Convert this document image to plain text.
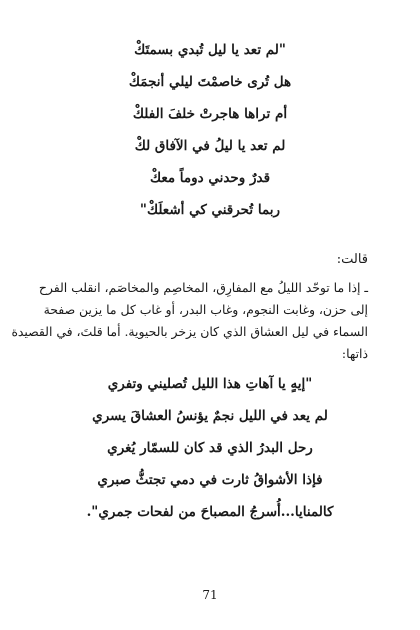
"لم تعد يا ليل تُبدي بسمتَكْ
هل تُرى خاصمْتَ ليلي أنجمَكْ
أم تراها هاجرتْ خلفَ الفلكْ
لم تعد يا ليلُ في الآفاق لكْ
قدرٌ وحدني دوماً معكْ
ربما تُحرقني كي أشعلَكْ"
قالت:
ـ إذا ما توحّد الليلُ مع المفارِق، المخاصِم والمخاصَم، انقلب الفرح
إلى حزن، وغابت النجوم، وغاب البدر، أو غاب كل ما يزين صفحة
السماء في ليل العشاق الذي كان يزخر بالحيوية. أما قلتَ، في القصيدة
ذاتها:
"إيهٍ يا آهاتِ هذا الليل تُصليني وتفري
لم يعد في الليل نجمٌ يؤنسُ العشاقَ يسري
رحل البدرُ الذي قد كان للسمّار يُغري
فإذا الأشواقُ ثارت في دمي تجتثُّ صبري
كالمنايا...أُسرجُ المصباحَ من لفحات جمري".
71
